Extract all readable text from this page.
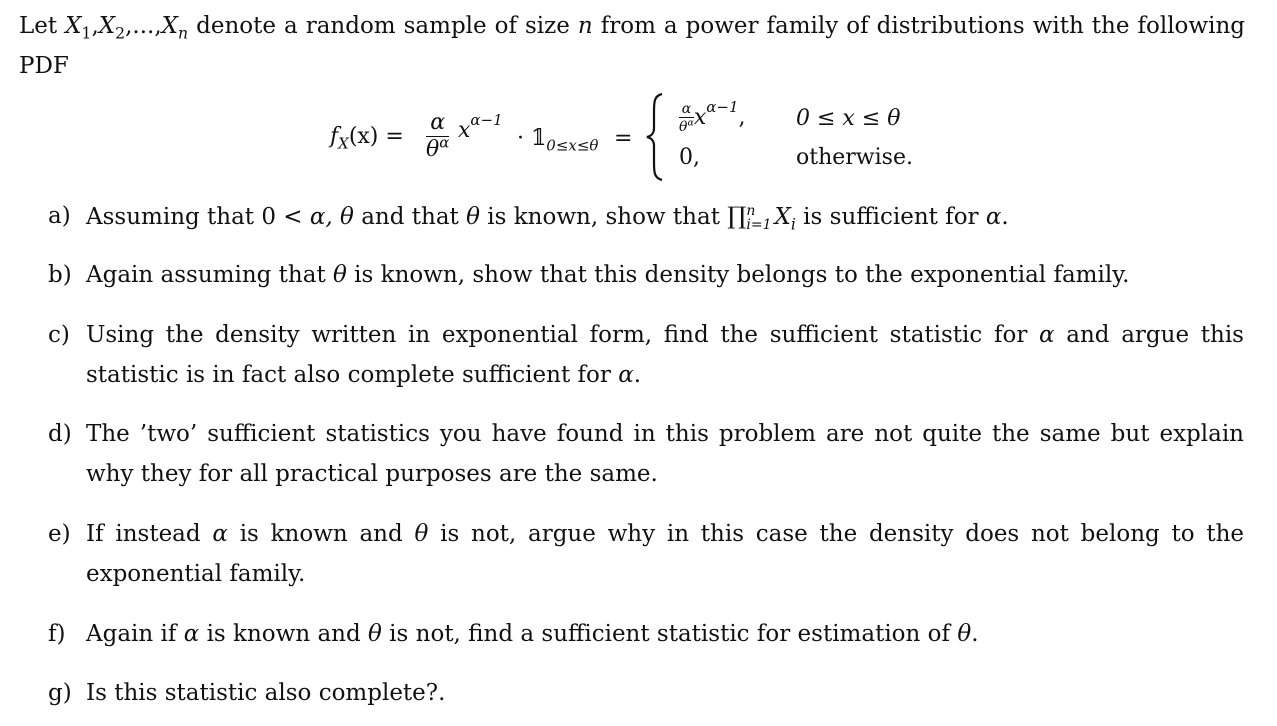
Let $X_1,X_2,...,X_n$ denote a random sample of size n from a power family of distributions with the following PDF

$f_X(x) = \frac{\alpha}{\theta^\alpha} x^{\alpha-1}$
· $𝟙_{0\le x\le\theta}$ =
$\frac{\alpha}{\theta^\alpha} x^{\alpha-1}$, 0 ≤ x ≤ θ
0,	otherwise.
a) Assuming that 0 < α, θ and that θ is known, show that ∏ n
i=1 $X_i$ is sufficient for α.
b) Again assuming that θ is known, show that this density belongs to the exponential family.
c) Using the density written in exponential form, find the sufficient statistic for α and argue this statistic is in fact also complete sufficient for α.
d) The ’two’ sufficient statistics you have found in this problem are not quite the same but explain why they for all practical purposes are the same.
e) If instead α is known and θ is not, argue why in this case the density does not belong to the exponential family.
f) Again if α is known and θ is not, find a sufficient statistic for estimation of θ.
g) Is this statistic also complete?.
